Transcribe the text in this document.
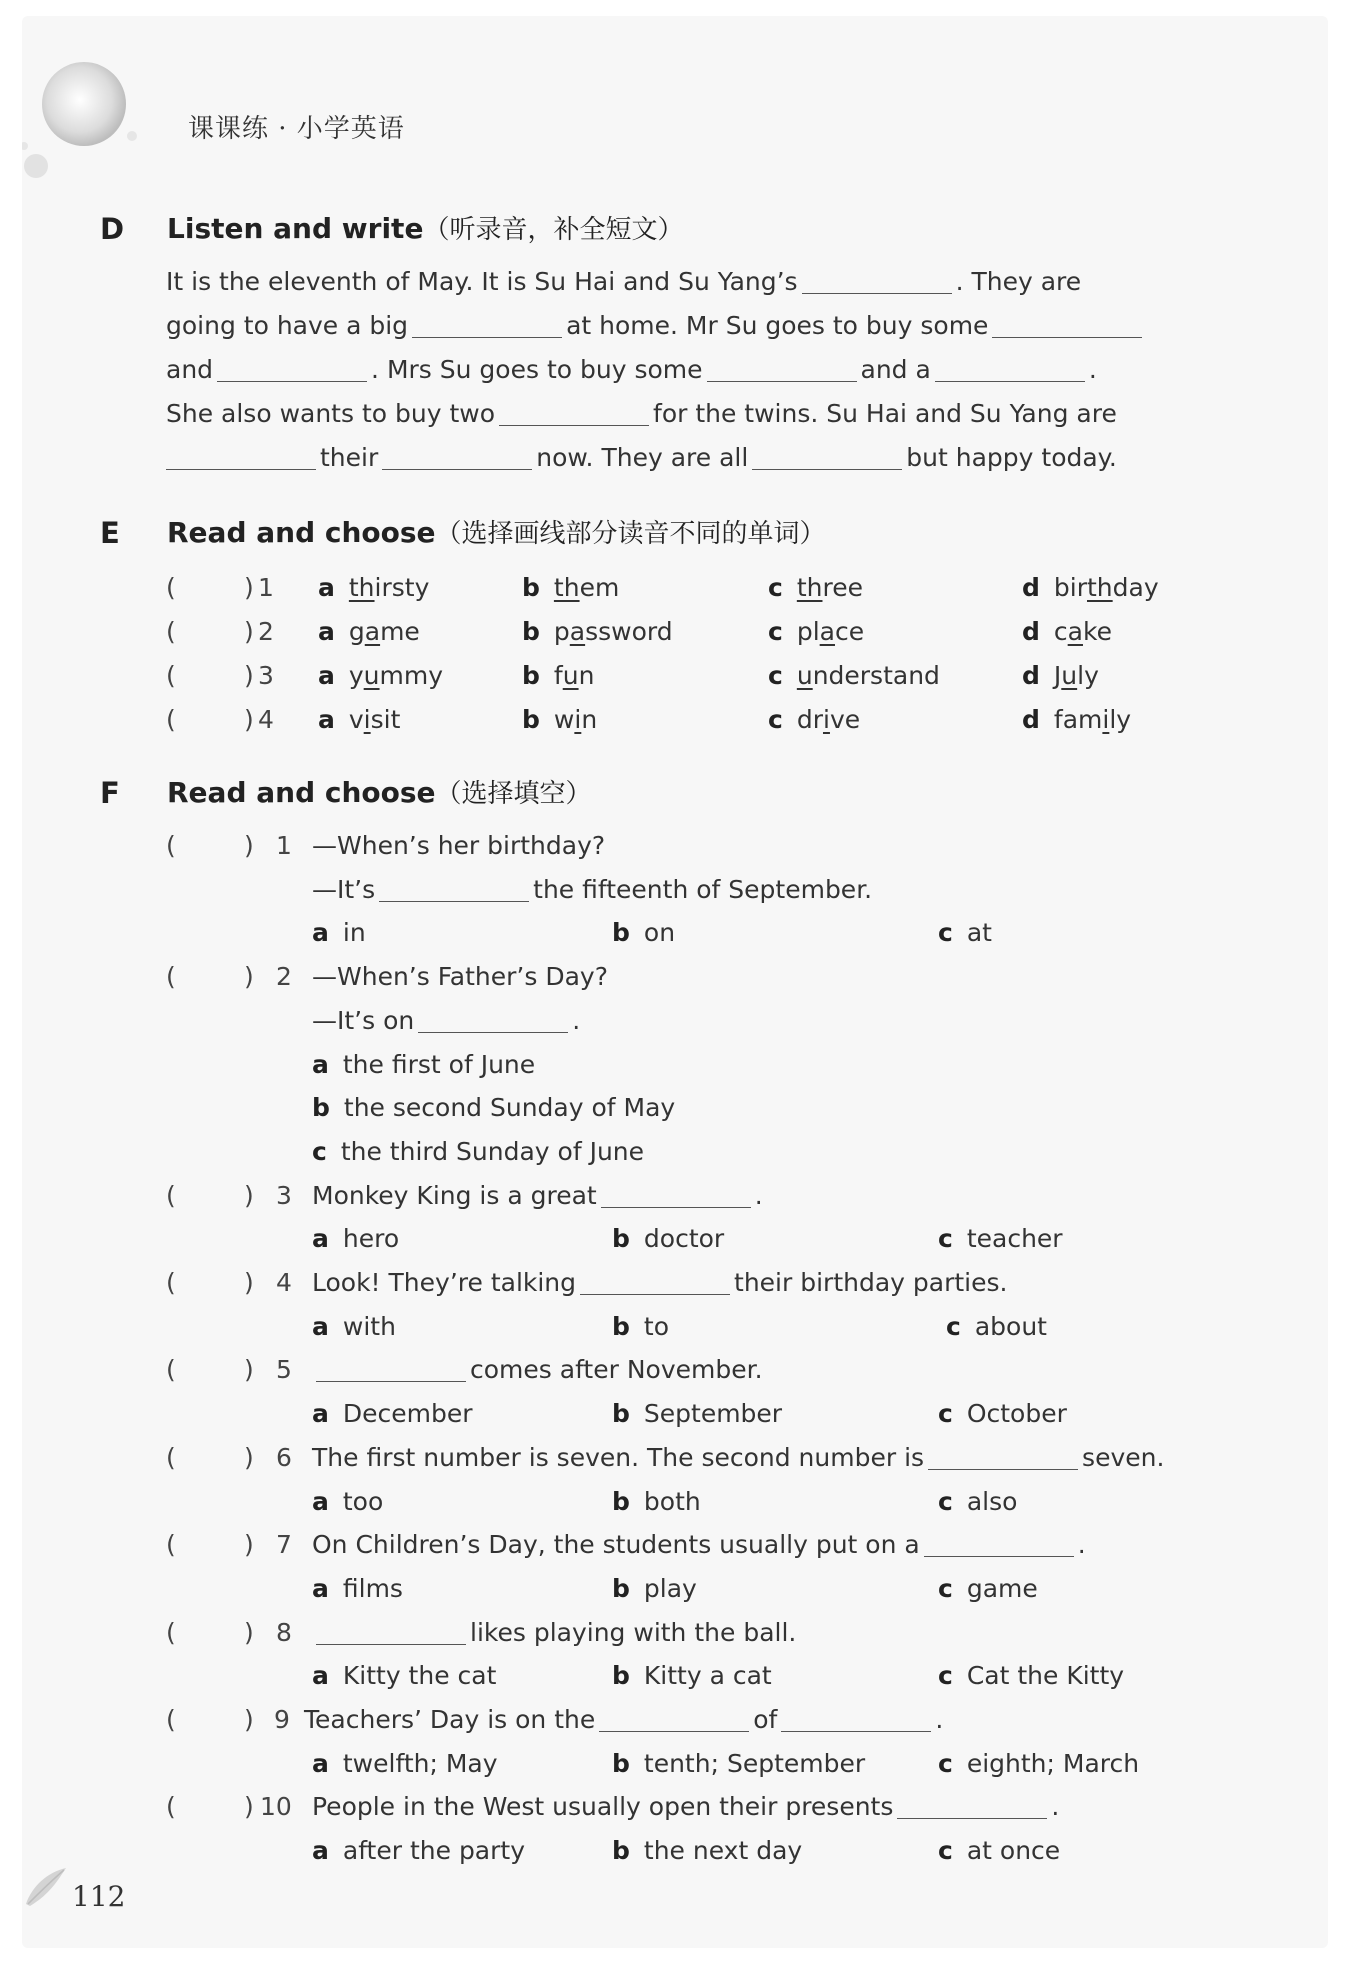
课课练 · 小学英语
D Listen and write（听录音，补全短文）
It is the eleventh of May. It is Su Hai and Su Yang’s	. They are
going to have a big	at home. Mr Su goes to buy some
and	. Mrs Su goes to buy some	and a	.
She also wants to buy two	for the twins. Su Hai and Su Yang are
their	now. They are all	but happy today.
E Read and choose（选择画线部分读音不同的单词）
(	) 1 a thirsty	b them	c three	d birthday
(	) 2 a game	b password	c place	d cake
(	) 3 a yummy	b fun	c understand	d July
(	) 4 a visit	b win	c drive	d family
F Read and choose（选择填空）
(	) 1 —When’s her birthday?
—It’s	the fifteenth of September.
a in	b on	c at
(	) 2 —When’s Father’s Day?
—It’s on	.
a the first of June
b the second Sunday of May
c the third Sunday of June
(	) 3 Monkey King is a great	.
a hero	b doctor	c teacher
(	) 4 Look! They’re talking	their birthday parties.
a with	b to	c about
(	) 5	comes after November.
a December	b September	c October
(	) 6 The first number is seven. The second number is	seven.
a too	b both	c also
(	) 7 On Children’s Day, the students usually put on a	.
a films	b play	c game
(	) 8	likes playing with the ball.
a Kitty the cat	b Kitty a cat	c Cat the Kitty
(	) 9 Teachers’ Day is on the	of	.
a twelfth; May	b tenth; September	c eighth; March
(	) 10 People in the West usually open their presents	.
a after the party	b the next day	c at once
112
